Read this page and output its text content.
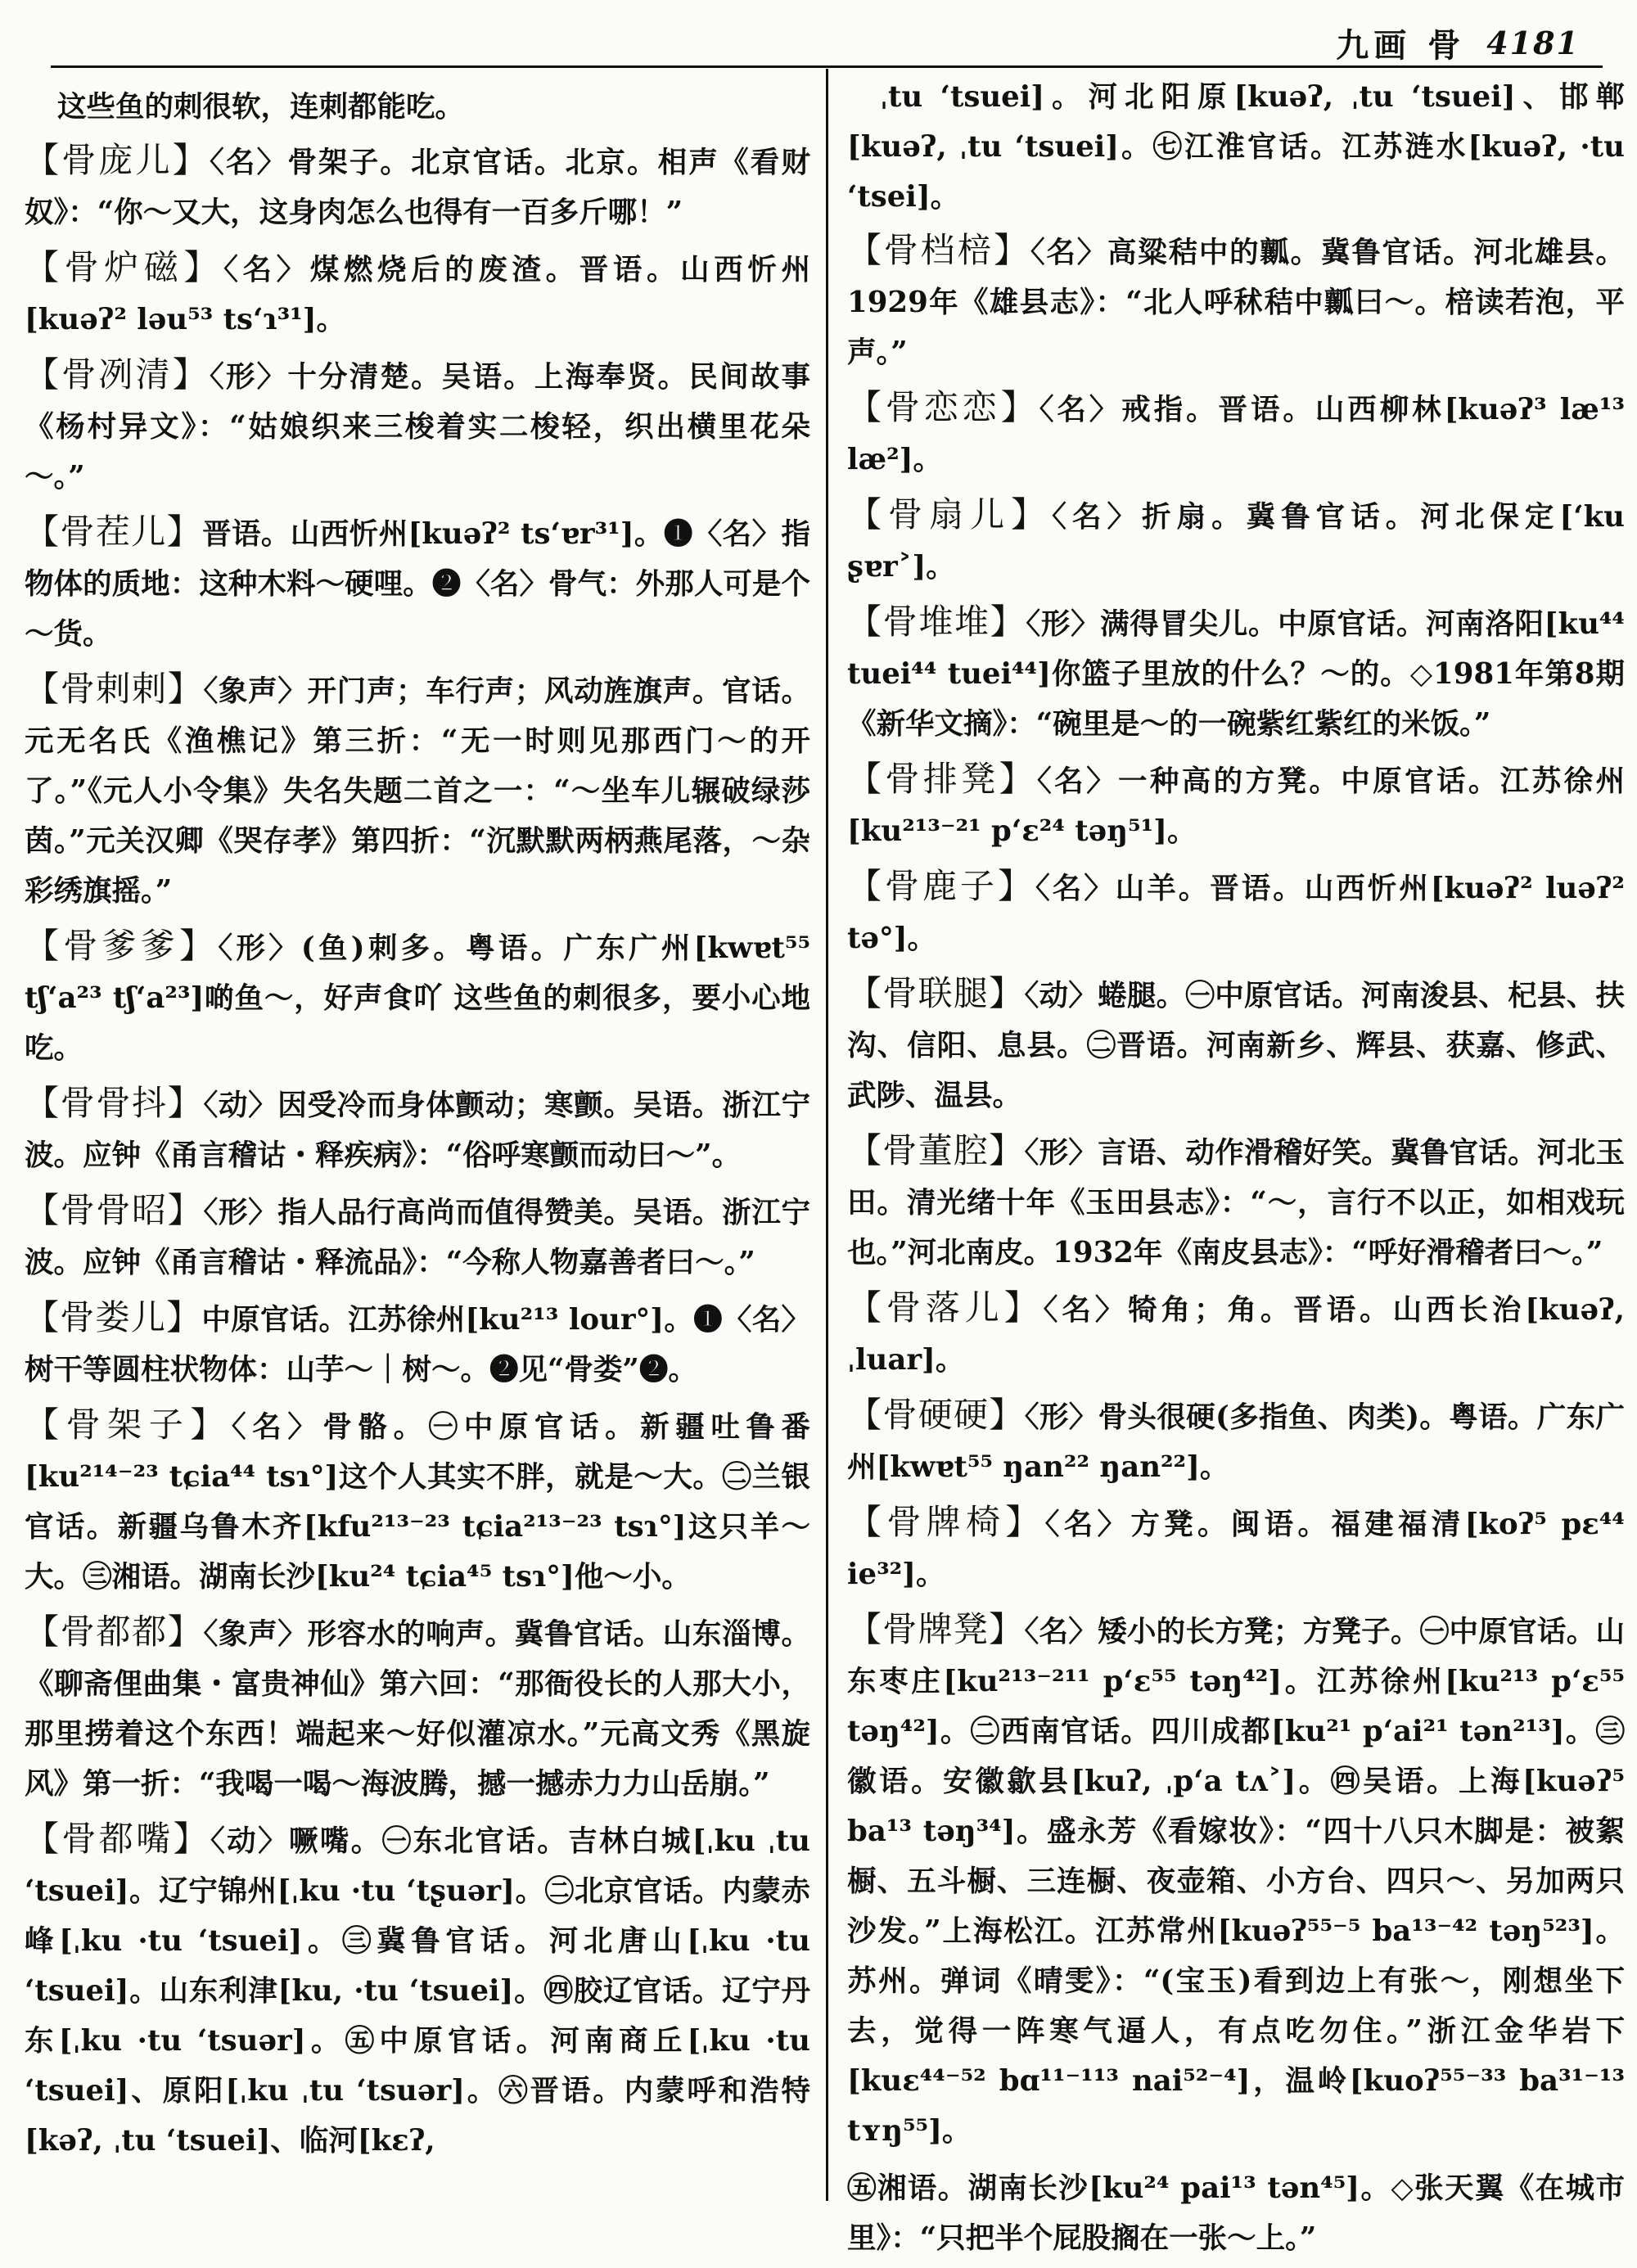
九画 骨 4181

这些鱼的刺很软，连刺都能吃。

【骨庞儿】〈名〉骨架子。北京官话。北京。相声《看财奴》：“你～又大，这身肉怎么也得有一百多斤哪！”

【骨炉磁】〈名〉煤燃烧后的废渣。晋语。山西忻州[kuəʔ² ləu⁵³ tsʻɿ³¹]。

【骨冽清】〈形〉十分清楚。吴语。上海奉贤。民间故事《杨村异文》：“姑娘织来三梭着实二梭轻，织出横里花朵～。”

【骨茬儿】晋语。山西忻州[kuəʔ² tsʻɐr³¹]。❶〈名〉指物体的质地：这种木料～硬哩。❷〈名〉骨气：外那人可是个～货。

【骨剌剌】〈象声〉开门声；车行声；风动旌旗声。官话。元无名氏《渔樵记》第三折：“无一时则见那西门～的开了。”《元人小令集》失名失题二首之一：“～坐车儿辗破绿莎茵。”元关汉卿《哭存孝》第四折：“沉默默两柄燕尾落，～杂彩绣旗摇。”

【骨爹爹】〈形〉(鱼)刺多。粤语。广东广州[kwɐt⁵⁵ tʃʻa²³ tʃʻa²³]啲鱼～，好声食吖 这些鱼的刺很多，要小心地吃。

【骨骨抖】〈动〉因受冷而身体颤动；寒颤。吴语。浙江宁波。应钟《甬言稽诂・释疾病》：“俗呼寒颤而动曰～”。

【骨骨昭】〈形〉指人品行高尚而值得赞美。吴语。浙江宁波。应钟《甬言稽诂・释流品》：“今称人物嘉善者曰～。”

【骨娄儿】中原官话。江苏徐州[ku²¹³ lour°]。❶〈名〉树干等圆柱状物体：山芋～｜树～。❷见“骨娄”❷。

【骨架子】〈名〉骨骼。㊀中原官话。新疆吐鲁番[ku²¹⁴⁻²³ tɕia⁴⁴ tsɿ°]这个人其实不胖，就是～大。㊁兰银官话。新疆乌鲁木齐[kfu²¹³⁻²³ tɕia²¹³⁻²³ tsɿ°]这只羊～大。㊂湘语。湖南长沙[ku²⁴ tɕia⁴⁵ tsɿ°]他～小。

【骨都都】〈象声〉形容水的响声。冀鲁官话。山东淄博。《聊斋俚曲集・富贵神仙》第六回：“那衙役长的人那大小，那里捞着这个东西！端起来～好似灌凉水。”元高文秀《黑旋风》第一折：“我喝一喝～海波腾，撼一撼赤力力山岳崩。”

【骨都嘴】〈动〉噘嘴。㊀东北官话。吉林白城[ˌku ˌtu ʻtsuei]。辽宁锦州[ˌku ·tu ʻtʂuər]。㊁北京官话。内蒙赤峰[ˌku ·tu ʻtsuei]。㊂冀鲁官话。河北唐山[ˌku ·tu ʻtsuei]。山东利津[ku, ·tu ʻtsuei]。㊃胶辽官话。辽宁丹东[ˌku ·tu ʻtsuər]。㊄中原官话。河南商丘[ˌku ·tu ʻtsuei]、原阳[ˌku ˌtu ʻtsuər]。㊅晋语。内蒙呼和浩特[kəʔ, ˌtu ʻtsuei]、临河[kɛʔ,

ˌtu ʻtsuei]。河北阳原[kuəʔ, ˌtu ʻtsuei]、邯郸[kuəʔ, ˌtu ʻtsuei]。㊆江淮官话。江苏涟水[kuəʔ, ·tu ʻtsei]。

【骨档棓】〈名〉高粱秸中的瓤。冀鲁官话。河北雄县。1929年《雄县志》：“北人呼秫秸中瓤曰～。棓读若泡，平声。”

【骨恋恋】〈名〉戒指。晋语。山西柳林[kuəʔ³ læ¹³ læ²]。

【骨扇儿】〈名〉折扇。冀鲁官话。河北保定[ʻku ʂɐr˃]。

【骨堆堆】〈形〉满得冒尖儿。中原官话。河南洛阳[ku⁴⁴ tuei⁴⁴ tuei⁴⁴]你篮子里放的什么？～的。◇1981年第8期《新华文摘》：“碗里是～的一碗紫红紫红的米饭。”

【骨排凳】〈名〉一种高的方凳。中原官话。江苏徐州[ku²¹³⁻²¹ pʻɛ²⁴ təŋ⁵¹]。

【骨鹿子】〈名〉山羊。晋语。山西忻州[kuəʔ² luəʔ² tə°]。

【骨联腿】〈动〉蜷腿。㊀中原官话。河南浚县、杞县、扶沟、信阳、息县。㊁晋语。河南新乡、辉县、获嘉、修武、武陟、温县。

【骨董腔】〈形〉言语、动作滑稽好笑。冀鲁官话。河北玉田。清光绪十年《玉田县志》：“～，言行不以正，如相戏玩也。”河北南皮。1932年《南皮县志》：“呼好滑稽者曰～。”

【骨落儿】〈名〉犄角；角。晋语。山西长治[kuəʔ, ˌluar]。

【骨硬硬】〈形〉骨头很硬(多指鱼、肉类)。粤语。广东广州[kwɐt⁵⁵ ŋan²² ŋan²²]。

【骨牌椅】〈名〉方凳。闽语。福建福清[koʔ⁵ pɛ⁴⁴ ie³²]。

【骨牌凳】〈名〉矮小的长方凳；方凳子。㊀中原官话。山东枣庄[ku²¹³⁻²¹¹ pʻɛ⁵⁵ təŋ⁴²]。江苏徐州[ku²¹³ pʻɛ⁵⁵ təŋ⁴²]。㊁西南官话。四川成都[ku²¹ pʻai²¹ tən²¹³]。㊂徽语。安徽歙县[kuʔ, ˌpʻa tʌ˃]。㊃吴语。上海[kuəʔ⁵ ba¹³ təŋ³⁴]。盛永芳《看嫁妆》：“四十八只木脚是：被絮橱、五斗橱、三连橱、夜壶箱、小方台、四只～、另加两只沙发。”上海松江。江苏常州[kuəʔ⁵⁵⁻⁵ ba¹³⁻⁴² təŋ⁵²³]。苏州。弹词《晴雯》：“(宝玉)看到边上有张～，刚想坐下去，觉得一阵寒气逼人，有点吃勿住。”浙江金华岩下[kuɛ⁴⁴⁻⁵² bɑ¹¹⁻¹¹³ nai⁵²⁻⁴]，温岭[kuoʔ⁵⁵⁻³³ ba³¹⁻¹³ tʏŋ⁵⁵]。

㊄湘语。湖南长沙[ku²⁴ pai¹³ tən⁴⁵]。◇张天翼《在城市里》：“只把半个屁股搁在一张～上。”
